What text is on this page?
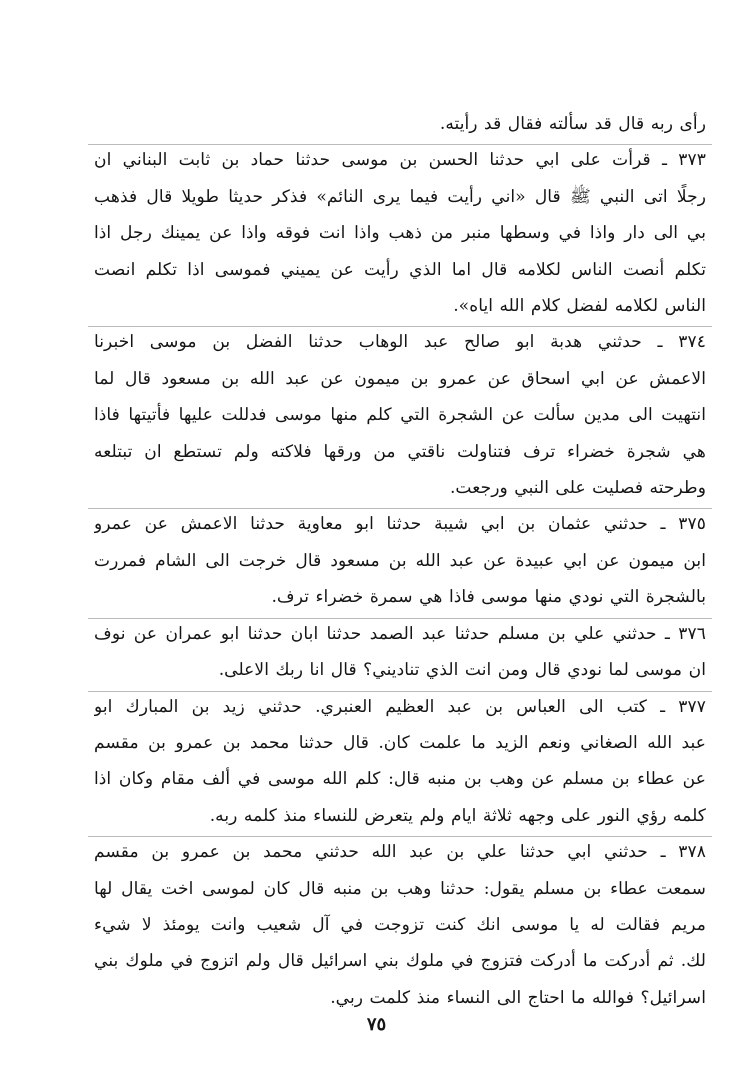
رأى ربه قال قد سألته فقال قد رأيته.

٣٧٣ ـ قرأت على ابي حدثنا الحسن بن موسى حدثنا حماد بن ثابت البناني ان
رجلًا اتى النبي ﷺ قال «اني رأيت فيما يرى النائم» فذكر حديثا طويلا قال فذهب
بي الى دار واذا في وسطها منبر من ذهب واذا انت فوقه واذا عن يمينك رجل اذا
تكلم أنصت الناس لكلامه قال اما الذي رأيت عن يميني فموسى اذا تكلم انصت
الناس لكلامه لفضل كلام الله اياه».

٣٧٤ ـ حدثني هدبة ابو صالح عبد الوهاب حدثنا الفضل بن موسى اخبرنا
الاعمش عن ابي اسحاق عن عمرو بن ميمون عن عبد الله بن مسعود قال لما
انتهيت الى مدين سألت عن الشجرة التي كلم منها موسى فدللت عليها فأتيتها فاذا
هي شجرة خضراء ترف فتناولت ناقتي من ورقها فلاكته ولم تستطع ان تبتلعه
وطرحته فصليت على النبي ورجعت.

٣٧٥ ـ حدثني عثمان بن ابي شيبة حدثنا ابو معاوية حدثنا الاعمش عن عمرو
ابن ميمون عن ابي عبيدة عن عبد الله بن مسعود قال خرجت الى الشام فمررت
بالشجرة التي نودي منها موسى فاذا هي سمرة خضراء ترف.

٣٧٦ ـ حدثني علي بن مسلم حدثنا عبد الصمد حدثنا ابان حدثنا ابو عمران عن نوف
ان موسى لما نودي قال ومن انت الذي تناديني؟ قال انا ربك الاعلى.

٣٧٧ ـ كتب الى العباس بن عبد العظيم العنبري. حدثني زيد بن المبارك ابو
عبد الله الصغاني ونعم الزيد ما علمت كان. قال حدثنا محمد بن عمرو بن مقسم
عن عطاء بن مسلم عن وهب بن منبه قال: كلم الله موسى في ألف مقام وكان اذا
كلمه رؤي النور على وجهه ثلاثة ايام ولم يتعرض للنساء منذ كلمه ربه.

٣٧٨ ـ حدثني ابي حدثنا علي بن عبد الله حدثني محمد بن عمرو بن مقسم
سمعت عطاء بن مسلم يقول: حدثنا وهب بن منبه قال كان لموسى اخت يقال لها
مريم فقالت له يا موسى انك كنت تزوجت في آل شعيب وانت يومئذ لا شيء
لك. ثم أدركت ما أدركت فتزوج في ملوك بني اسرائيل قال ولم اتزوج في ملوك بني
اسرائيل؟ فوالله ما احتاج الى النساء منذ كلمت ربي.

٧٥
